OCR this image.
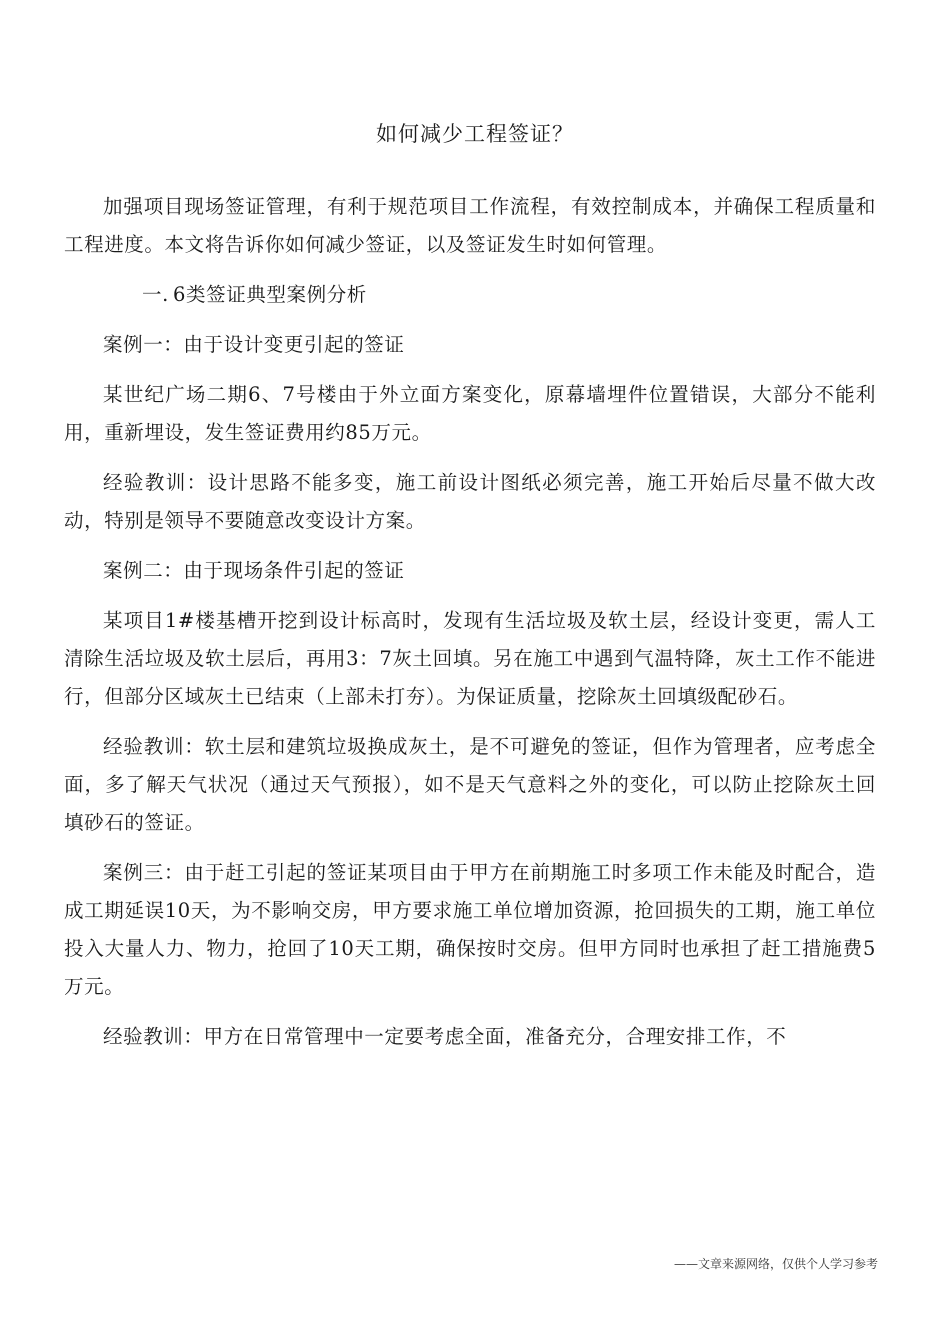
如何减少工程签证？

加强项目现场签证管理，有利于规范项目工作流程，有效控制成本，并确保工程质量和工程进度。本文将告诉你如何减少签证，以及签证发生时如何管理。

一. 6类签证典型案例分析

案例一：由于设计变更引起的签证

某世纪广场二期6、7号楼由于外立面方案变化，原幕墙埋件位置错误，大部分不能利用，重新埋设，发生签证费用约85万元。

经验教训：设计思路不能多变，施工前设计图纸必须完善，施工开始后尽量不做大改动，特别是领导不要随意改变设计方案。

案例二：由于现场条件引起的签证

某项目1#楼基槽开挖到设计标高时，发现有生活垃圾及软土层，经设计变更，需人工清除生活垃圾及软土层后，再用3：7灰土回填。另在施工中遇到气温特降，灰土工作不能进行，但部分区域灰土已结束（上部未打夯）。为保证质量，挖除灰土回填级配砂石。

经验教训：软土层和建筑垃圾换成灰土，是不可避免的签证，但作为管理者，应考虑全面，多了解天气状况（通过天气预报），如不是天气意料之外的变化，可以防止挖除灰土回填砂石的签证。

案例三：由于赶工引起的签证某项目由于甲方在前期施工时多项工作未能及时配合，造成工期延误10天，为不影响交房，甲方要求施工单位增加资源，抢回损失的工期，施工单位投入大量人力、物力，抢回了10天工期，确保按时交房。但甲方同时也承担了赶工措施费5万元。

经验教训：甲方在日常管理中一定要考虑全面，准备充分，合理安排工作，不

——文章来源网络，仅供个人学习参考
